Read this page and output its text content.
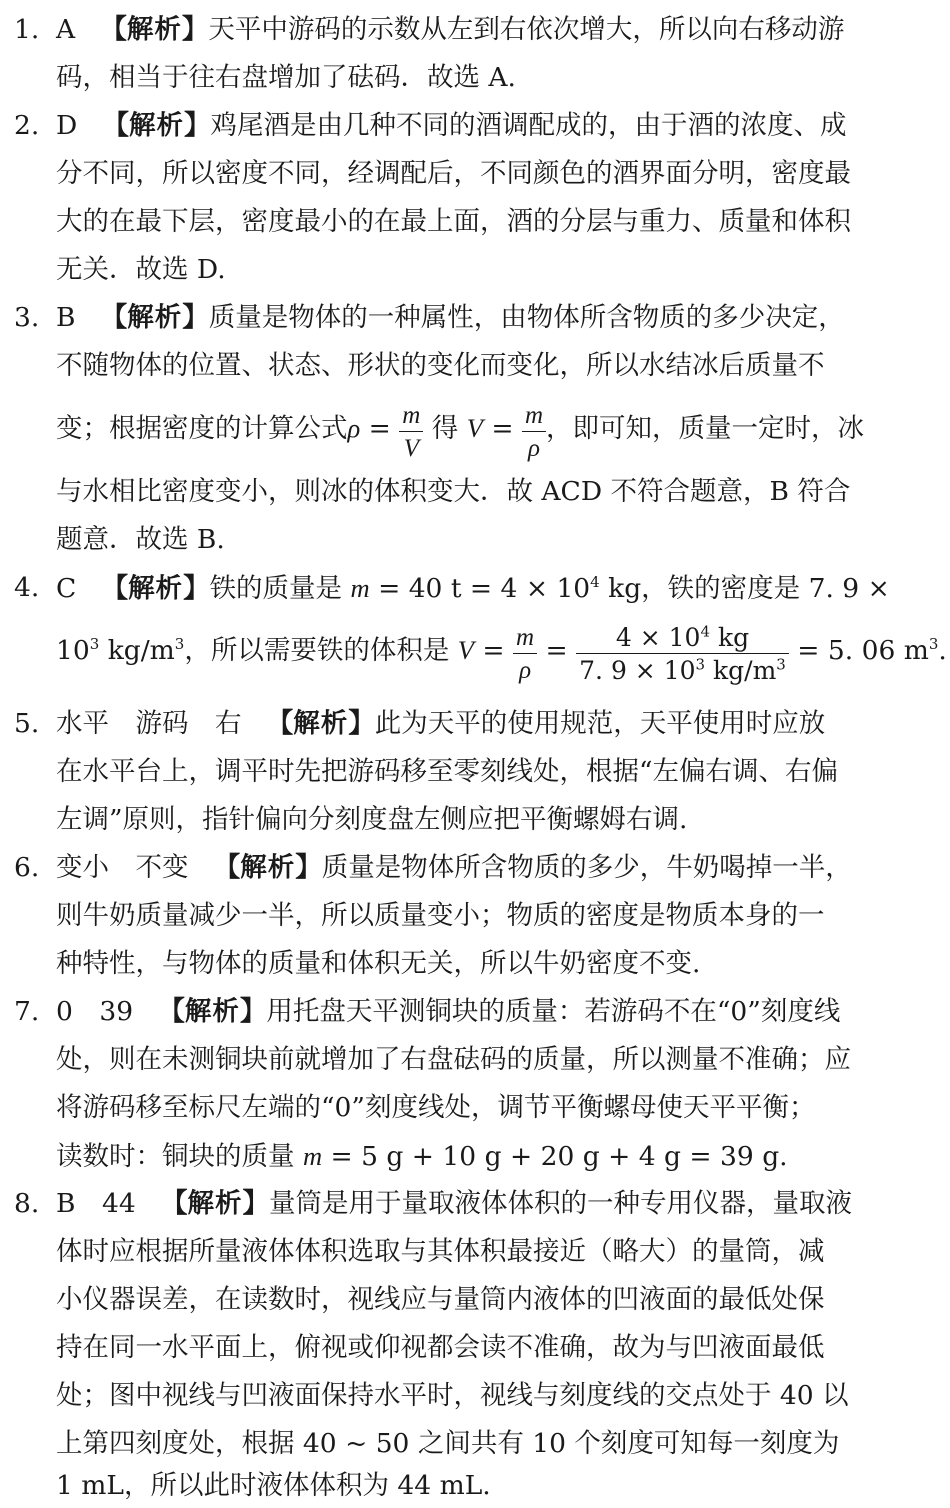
1. A 【解析】天平中游码的示数从左到右依次增大，所以向右移动游
码，相当于往右盘增加了砝码．故选 A.
2. D 【解析】鸡尾酒是由几种不同的酒调配成的，由于酒的浓度、成
分不同，所以密度不同，经调配后，不同颜色的酒界面分明，密度最
大的在最下层，密度最小的在最上面，酒的分层与重力、质量和体积
无关．故选 D.
3. B 【解析】质量是物体的一种属性，由物体所含物质的多少决定，
不随物体的位置、状态、形状的变化而变化，所以水结冰后质量不
变；根据密度的计算公式$\rho = \frac{m}{V}$ 得 $V = \frac{m}{\rho}$ ，即可知，质量一定时，冰
与水相比密度变小，则冰的体积变大．故 ACD 不符合题意，B 符合
题意．故选 B.
4. C 【解析】铁的质量是 m = 40 $t = 4 \times 10^4$ kg，铁的密度是 7. 9 ×
$10^3$ $kg/m^3$，所以需要铁的体积是 $V = \frac{m}{\rho} = \frac{4 \times 10^4 kg}{7. 9 \times 10^3 kg/m^3} = 5$. 06 $m^3$.
5. 水平　游码　右 【解析】此为天平的使用规范，天平使用时应放
在水平台上，调平时先把游码移至零刻线处，根据“左偏右调、右偏
左调”原则，指针偏向分刻度盘左侧应把平衡螺姆右调.
6. 变小　不变 【解析】质量是物体所含物质的多少，牛奶喝掉一半，
则牛奶质量减少一半，所以质量变小；物质的密度是物质本身的一
种特性，与物体的质量和体积无关，所以牛奶密度不变.
7. 0　39 【解析】用托盘天平测铜块的质量：若游码不在“0”刻度线
处，则在未测铜块前就增加了右盘砝码的质量，所以测量不准确；应
将游码移至标尺左端的“0”刻度线处，调节平衡螺母使天平平衡；
读数时：铜块的质量 m = 5 g + 10 g + 20 g + 4 g = 39 g.
8. B　44 【解析】量筒是用于量取液体体积的一种专用仪器，量取液
体时应根据所量液体体积选取与其体积最接近（略大）的量筒，减
小仪器误差，在读数时，视线应与量筒内液体的凹液面的最低处保
持在同一水平面上，俯视或仰视都会读不准确，故为与凹液面最低
处；图中视线与凹液面保持水平时，视线与刻度线的交点处于 40 以
上第四刻度处，根据 40 ~ 50 之间共有 10 个刻度可知每一刻度为
1 mL，所以此时液体体积为 44 mL.
